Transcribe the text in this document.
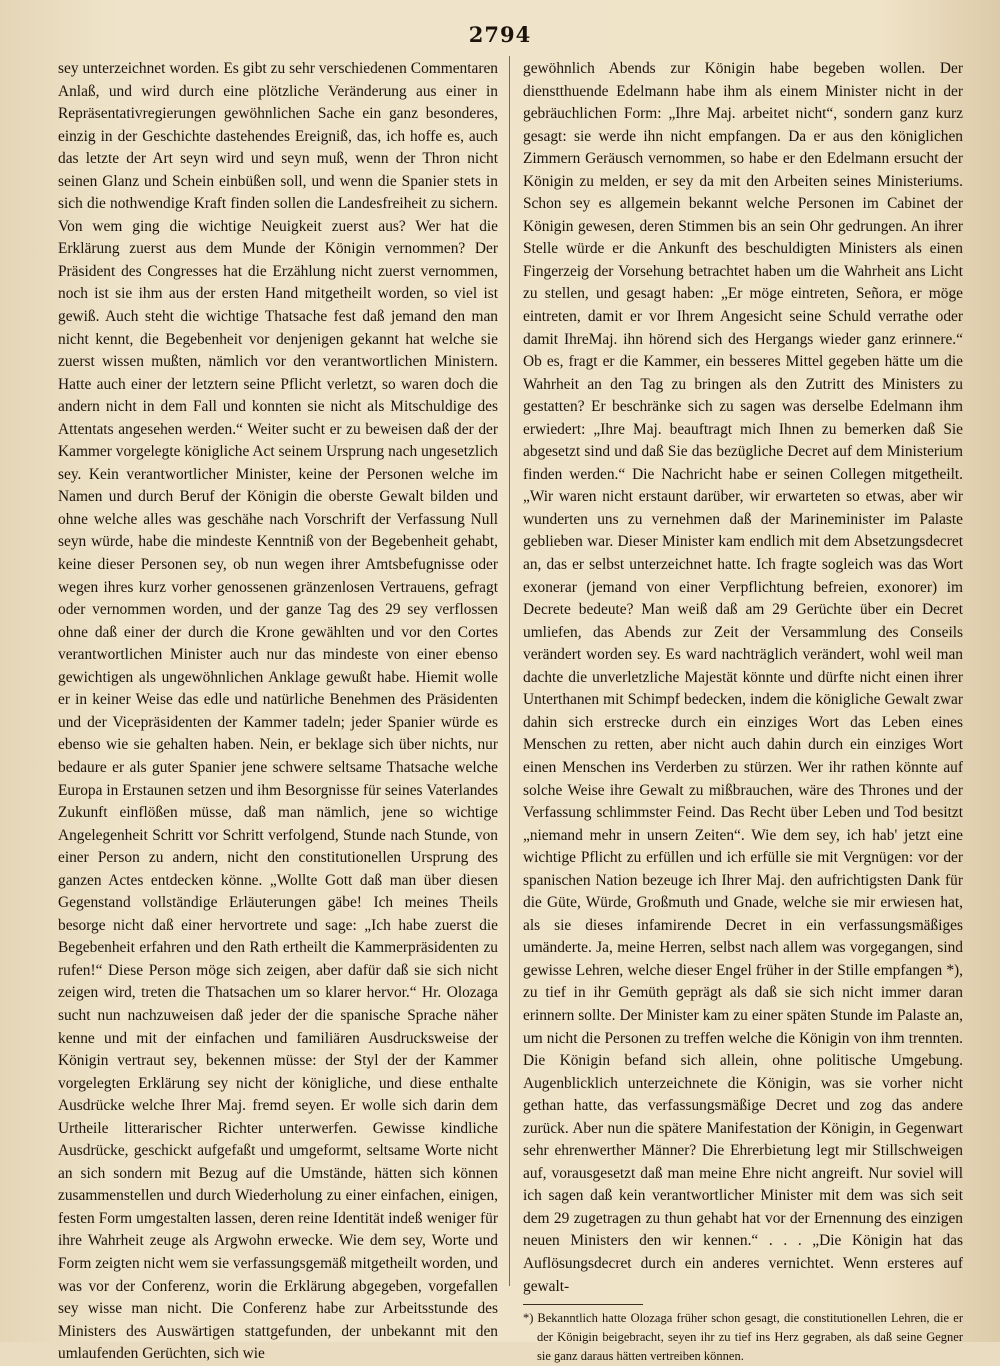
2794

sey unterzeichnet worden. Es gibt zu sehr verschiedenen Commentaren Anlaß, und wird durch eine plötzliche Veränderung aus einer in Repräsentativregierungen gewöhnlichen Sache ein ganz besonderes, einzig in der Geschichte dastehendes Ereigniß, das, ich hoffe es, auch das letzte der Art seyn wird und seyn muß, wenn der Thron nicht seinen Glanz und Schein einbüßen soll, und wenn die Spanier stets in sich die nothwendige Kraft finden sollen die Landesfreiheit zu sichern. Von wem ging die wichtige Neuigkeit zuerst aus? Wer hat die Erklärung zuerst aus dem Munde der Königin vernommen? Der Präsident des Congresses hat die Erzählung nicht zuerst vernommen, noch ist sie ihm aus der ersten Hand mitgetheilt worden, so viel ist gewiß. Auch steht die wichtige Thatsache fest daß jemand den man nicht kennt, die Begebenheit vor denjenigen gekannt hat welche sie zuerst wissen mußten, nämlich vor den verantwortlichen Ministern. Hatte auch einer der letztern seine Pflicht verletzt, so waren doch die andern nicht in dem Fall und konnten sie nicht als Mitschuldige des Attentats angesehen werden.“ Weiter sucht er zu beweisen daß der der Kammer vorgelegte königliche Act seinem Ursprung nach ungesetzlich sey. Kein verantwortlicher Minister, keine der Personen welche im Namen und durch Beruf der Königin die oberste Gewalt bilden und ohne welche alles was geschähe nach Vorschrift der Verfassung Null seyn würde, habe die mindeste Kenntniß von der Begebenheit gehabt, keine dieser Personen sey, ob nun wegen ihrer Amtsbefugnisse oder wegen ihres kurz vorher genossenen gränzenlosen Vertrauens, gefragt oder vernommen worden, und der ganze Tag des 29 sey verflossen ohne daß einer der durch die Krone gewählten und vor den Cortes verantwortlichen Minister auch nur das mindeste von einer ebenso gewichtigen als ungewöhnlichen Anklage gewußt habe. Hiemit wolle er in keiner Weise das edle und natürliche Benehmen des Präsidenten und der Vicepräsidenten der Kammer tadeln; jeder Spanier würde es ebenso wie sie gehalten haben. Nein, er beklage sich über nichts, nur bedaure er als guter Spanier jene schwere seltsame Thatsache welche Europa in Erstaunen setzen und ihm Besorgnisse für seines Vaterlandes Zukunft einflößen müsse, daß man nämlich, jene so wichtige Angelegenheit Schritt vor Schritt verfolgend, Stunde nach Stunde, von einer Person zu andern, nicht den constitutionellen Ursprung des ganzen Actes entdecken könne. „Wollte Gott daß man über diesen Gegenstand vollständige Erläuterungen gäbe! Ich meines Theils besorge nicht daß einer hervortrete und sage: „Ich habe zuerst die Begebenheit erfahren und den Rath ertheilt die Kammerpräsidenten zu rufen!“ Diese Person möge sich zeigen, aber dafür daß sie sich nicht zeigen wird, treten die Thatsachen um so klarer hervor.“ Hr. Olozaga sucht nun nachzuweisen daß jeder der die spanische Sprache näher kenne und mit der einfachen und familiären Ausdrucksweise der Königin vertraut sey, bekennen müsse: der Styl der der Kammer vorgelegten Erklärung sey nicht der königliche, und diese enthalte Ausdrücke welche Ihrer Maj. fremd seyen. Er wolle sich darin dem Urtheile litterarischer Richter unterwerfen. Gewisse kindliche Ausdrücke, geschickt aufgefaßt und umgeformt, seltsame Worte nicht an sich sondern mit Bezug auf die Umstände, hätten sich können zusammenstellen und durch Wiederholung zu einer einfachen, einigen, festen Form umgestalten lassen, deren reine Identität indeß weniger für ihre Wahrheit zeuge als Argwohn erwecke. Wie dem sey, Worte und Form zeigten nicht wem sie verfassungsgemäß mitgetheilt worden, und was vor der Conferenz, worin die Erklärung abgegeben, vorgefallen sey wisse man nicht. Die Conferenz habe zur Arbeitsstunde des Ministers des Auswärtigen stattgefunden, der unbekannt mit den umlaufenden Gerüchten, sich wie

gewöhnlich Abends zur Königin habe begeben wollen. Der dienstthuende Edelmann habe ihm als einem Minister nicht in der gebräuchlichen Form: „Ihre Maj. arbeitet nicht“, sondern ganz kurz gesagt: sie werde ihn nicht empfangen. Da er aus den königlichen Zimmern Geräusch vernommen, so habe er den Edelmann ersucht der Königin zu melden, er sey da mit den Arbeiten seines Ministeriums. Schon sey es allgemein bekannt welche Personen im Cabinet der Königin gewesen, deren Stimmen bis an sein Ohr gedrungen. An ihrer Stelle würde er die Ankunft des beschuldigten Ministers als einen Fingerzeig der Vorsehung betrachtet haben um die Wahrheit ans Licht zu stellen, und gesagt haben: „Er möge eintreten, Señora, er möge eintreten, damit er vor Ihrem Angesicht seine Schuld verrathe oder damit IhreMaj. ihn hörend sich des Hergangs wieder ganz erinnere.“ Ob es, fragt er die Kammer, ein besseres Mittel gegeben hätte um die Wahrheit an den Tag zu bringen als den Zutritt des Ministers zu gestatten? Er beschränke sich zu sagen was derselbe Edelmann ihm erwiedert: „Ihre Maj. beauftragt mich Ihnen zu bemerken daß Sie abgesetzt sind und daß Sie das bezügliche Decret auf dem Ministerium finden werden.“ Die Nachricht habe er seinen Collegen mitgetheilt. „Wir waren nicht erstaunt darüber, wir erwarteten so etwas, aber wir wunderten uns zu vernehmen daß der Marineminister im Palaste geblieben war. Dieser Minister kam endlich mit dem Absetzungsdecret an, das er selbst unterzeichnet hatte. Ich fragte sogleich was das Wort exonerar (jemand von einer Verpflichtung befreien, exonorer) im Decrete bedeute? Man weiß daß am 29 Gerüchte über ein Decret umliefen, das Abends zur Zeit der Versammlung des Conseils verändert worden sey. Es ward nachträglich verändert, wohl weil man dachte die unverletzliche Majestät könnte und dürfte nicht einen ihrer Unterthanen mit Schimpf bedecken, indem die königliche Gewalt zwar dahin sich erstrecke durch ein einziges Wort das Leben eines Menschen zu retten, aber nicht auch dahin durch ein einziges Wort einen Menschen ins Verderben zu stürzen. Wer ihr rathen könnte auf solche Weise ihre Gewalt zu mißbrauchen, wäre des Thrones und der Verfassung schlimmster Feind. Das Recht über Leben und Tod besitzt „niemand mehr in unsern Zeiten“. Wie dem sey, ich hab' jetzt eine wichtige Pflicht zu erfüllen und ich erfülle sie mit Vergnügen: vor der spanischen Nation bezeuge ich Ihrer Maj. den aufrichtigsten Dank für die Güte, Würde, Großmuth und Gnade, welche sie mir erwiesen hat, als sie dieses infamirende Decret in ein verfassungsmäßiges umänderte. Ja, meine Herren, selbst nach allem was vorgegangen, sind gewisse Lehren, welche dieser Engel früher in der Stille empfangen *), zu tief in ihr Gemüth geprägt als daß sie sich nicht immer daran erinnern sollte. Der Minister kam zu einer späten Stunde im Palaste an, um nicht die Personen zu treffen welche die Königin von ihm trennten. Die Königin befand sich allein, ohne politische Umgebung. Augenblicklich unterzeichnete die Königin, was sie vorher nicht gethan hatte, das verfassungsmäßige Decret und zog das andere zurück. Aber nun die spätere Manifestation der Königin, in Gegenwart sehr ehrenwerther Männer? Die Ehrerbietung legt mir Stillschweigen auf, vorausgesetzt daß man meine Ehre nicht angreift. Nur soviel will ich sagen daß kein verantwortlicher Minister mit dem was sich seit dem 29 zugetragen zu thun gehabt hat vor der Ernennung des einzigen neuen Ministers den wir kennen.“ . . . „Die Königin hat das Auflösungsdecret durch ein anderes vernichtet. Wenn ersteres auf gewalt-

*) Bekanntlich hatte Olozaga früher schon gesagt, die constitutionellen Lehren, die er der Königin beigebracht, seyen ihr zu tief ins Herz gegraben, als daß seine Gegner sie ganz daraus hätten vertreiben können.
